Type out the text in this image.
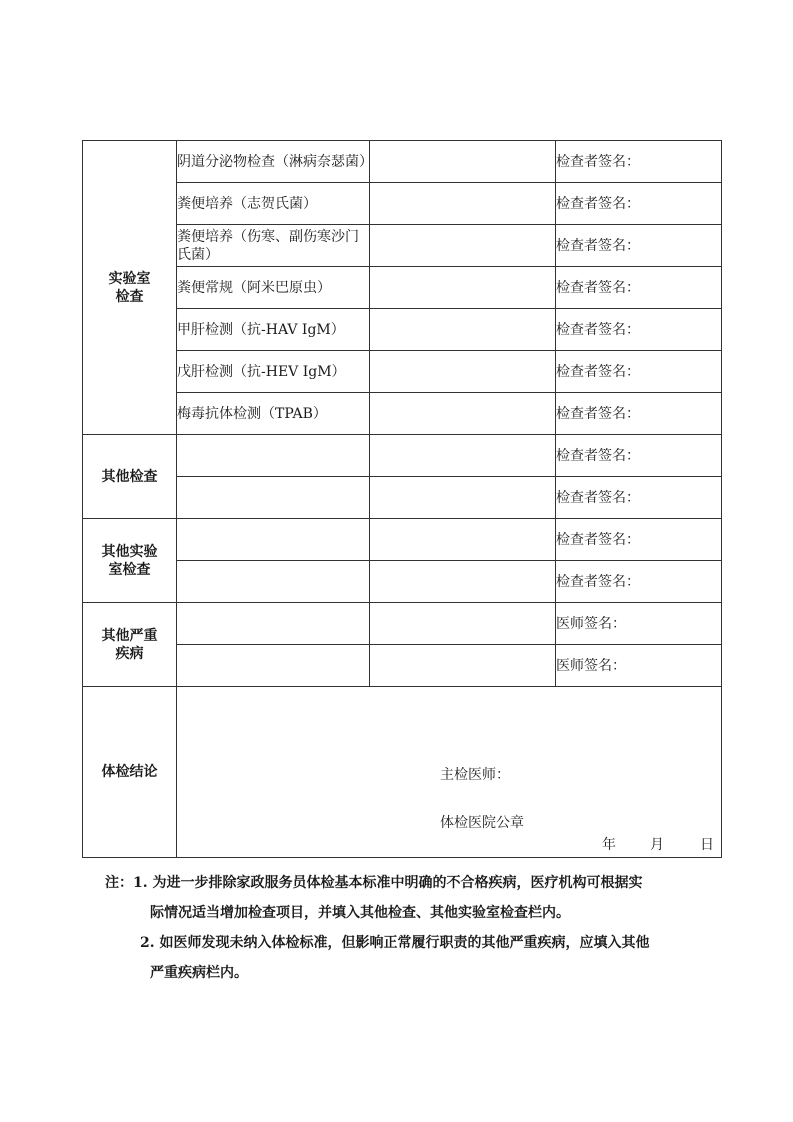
实验室
检查	阴道分泌物检查（淋病奈瑟菌）		检查者签名：
	粪便培养（志贺氏菌）		检查者签名：
	粪便培养（伤寒、副伤寒沙门氏菌）		检查者签名：
	粪便常规（阿米巴原虫）		检查者签名：
	甲肝检测（抗-HAV IgM）		检查者签名：
	戊肝检测（抗-HEV IgM）		检查者签名：
	梅毒抗体检测（TPAB）		检查者签名：
其他检查			检查者签名：
			检查者签名：
其他实验
室检查			检查者签名：
			检查者签名：
其他严重
疾病			医师签名：
			医师签名：
体检结论	主检医师：
体检医院公章
年 月 日		
注：1. 为进一步排除家政服务员体检基本标准中明确的不合格疾病，医疗机构可根据实
际情况适当增加检查项目，并填入其他检查、其他实验室检查栏内。
2. 如医师发现未纳入体检标准，但影响正常履行职责的其他严重疾病，应填入其他
严重疾病栏内。
